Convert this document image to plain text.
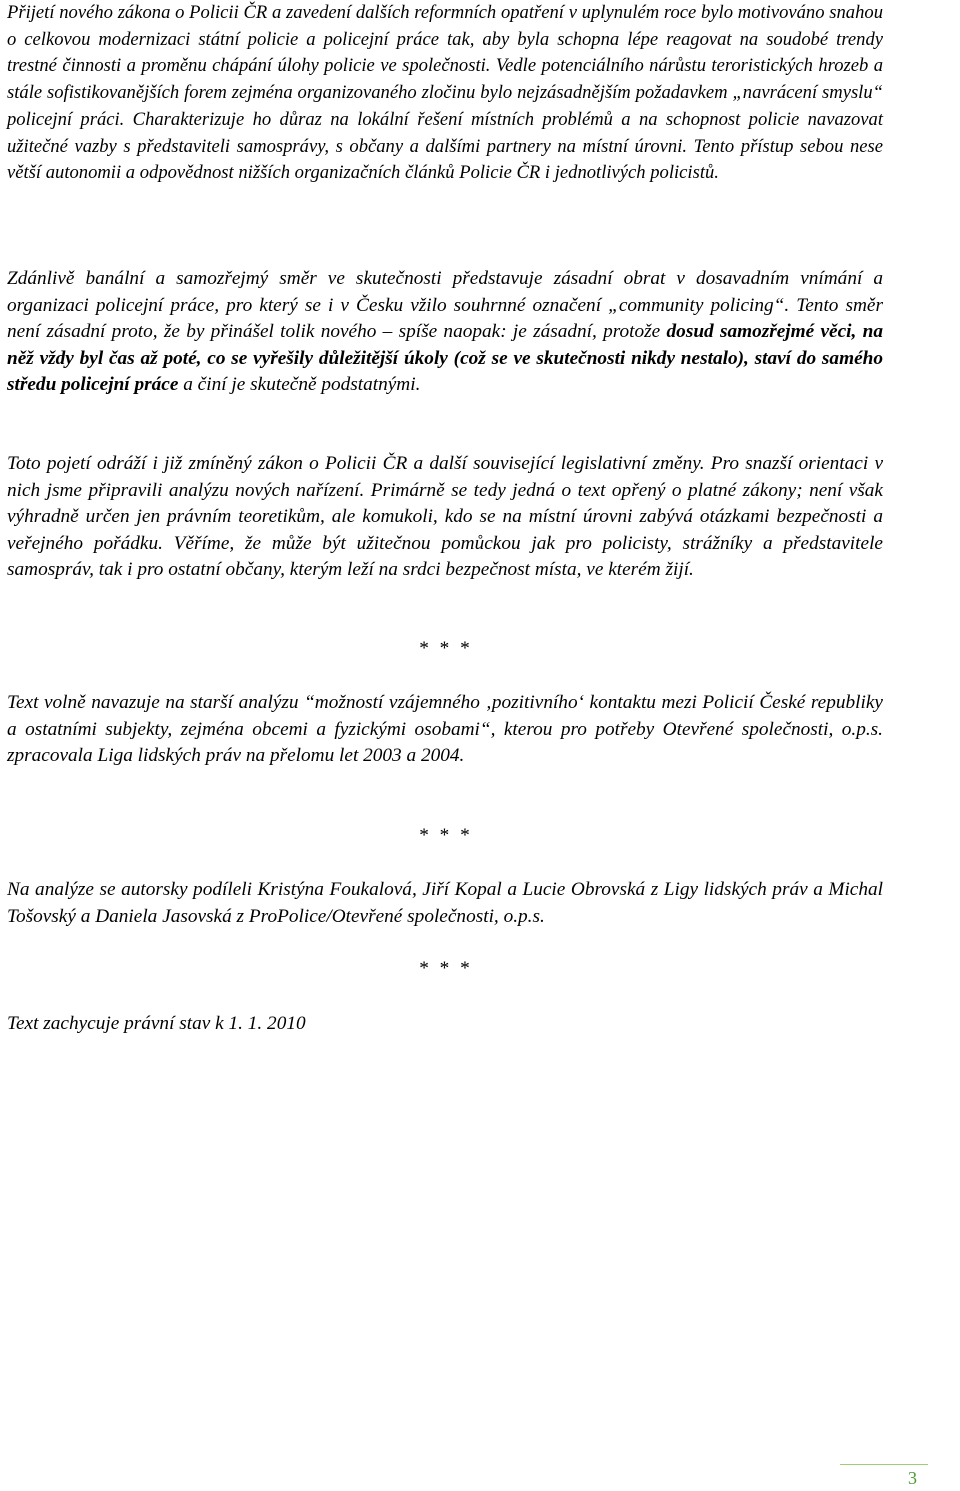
Přijetí nového zákona o Policii ČR a zavedení dalších reformních opatření v uplynulém roce bylo motivováno snahou o celkovou modernizaci státní policie a policejní práce tak, aby byla schopna lépe reagovat na soudobé trendy trestné činnosti a proměnu chápání úlohy policie ve společnosti. Vedle potenciálního nárůstu teroristických hrozeb a stále sofistikovanějších forem zejména organizovaného zločinu bylo nejzásadnějším požadavkem „navrácení smyslu“ policejní práci. Charakterizuje ho důraz na lokální řešení místních problémů a na schopnost policie navazovat užitečné vazby s představiteli samosprávy, s občany a dalšími partnery na místní úrovni. Tento přístup sebou nese větší autonomii a odpovědnost nižších organizačních článků Policie ČR i jednotlivých policistů.

Zdánlivě banální a samozřejmý směr ve skutečnosti představuje zásadní obrat v dosavadním vnímání a organizaci policejní práce, pro který se i v Česku vžilo souhrnné označení „community policing“. Tento směr není zásadní proto, že by přinášel tolik nového – spíše naopak: je zásadní, protože dosud samozřejmé věci, na něž vždy byl čas až poté, co se vyřešily důležitější úkoly (což se ve skutečnosti nikdy nestalo), staví do samého středu policejní práce a činí je skutečně podstatnými.

Toto pojetí odráží i již zmíněný zákon o Policii ČR a další související legislativní změny. Pro snazší orientaci v nich jsme připravili analýzu nových nařízení. Primárně se tedy jedná o text opřený o platné zákony; není však výhradně určen jen právním teoretikům, ale komukoli, kdo se na místní úrovni zabývá otázkami bezpečnosti a veřejného pořádku. Věříme, že může být užitečnou pomůckou jak pro policisty, strážníky a představitele samospráv, tak i pro ostatní občany, kterým leží na srdci bezpečnost místa, ve kterém žijí.

* * *

Text volně navazuje na starší analýzu “možností vzájemného ‚pozitivního‘ kontaktu mezi Policií České republiky a ostatními subjekty, zejména obcemi a fyzickými osobami“, kterou pro potřeby Otevřené společnosti, o.p.s. zpracovala Liga lidských práv na přelomu let 2003 a 2004.

* * *

Na analýze se autorsky podíleli Kristýna Foukalová, Jiří Kopal a Lucie Obrovská z Ligy lidských práv a Michal Tošovský a Daniela Jasovská z ProPolice/Otevřené společnosti, o.p.s.

* * *

Text zachycuje právní stav k 1. 1. 2010

3
